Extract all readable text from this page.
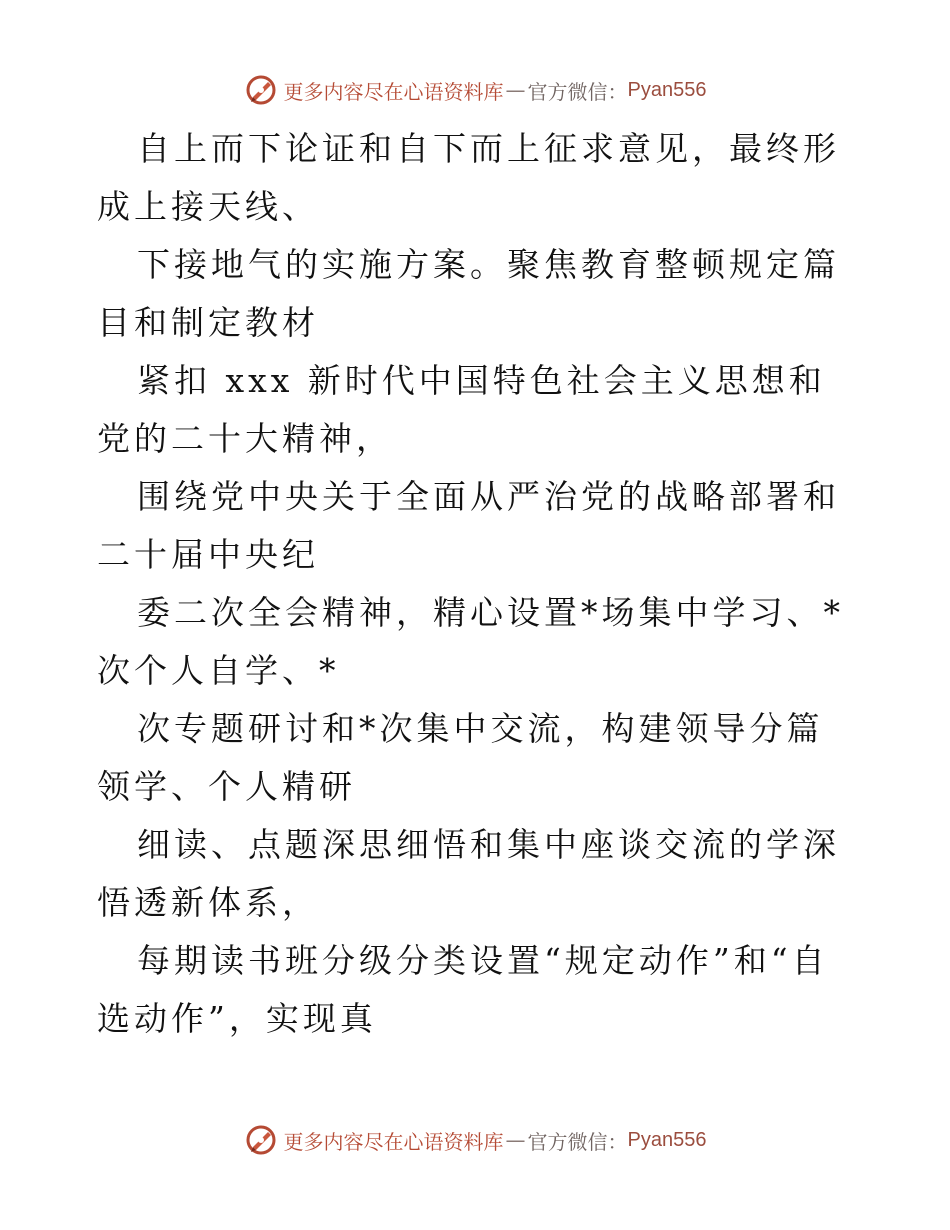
更多内容尽在心语资料库 — 官方微信： Pyan556

自上而下论证和自下而上征求意见，最终形成上接天线、

下接地气的实施方案。聚焦教育整顿规定篇目和制定教材

紧扣 xxx 新时代中国特色社会主义思想和党的二十大精神，

围绕党中央关于全面从严治党的战略部署和二十届中央纪

委二次全会精神，精心设置*场集中学习、*次个人自学、*

次专题研讨和*次集中交流，构建领导分篇领学、个人精研

细读、点题深思细悟和集中座谈交流的学深悟透新体系，

每期读书班分级分类设置“规定动作”和“自选动作”，实现真

更多内容尽在心语资料库 — 官方微信： Pyan556
